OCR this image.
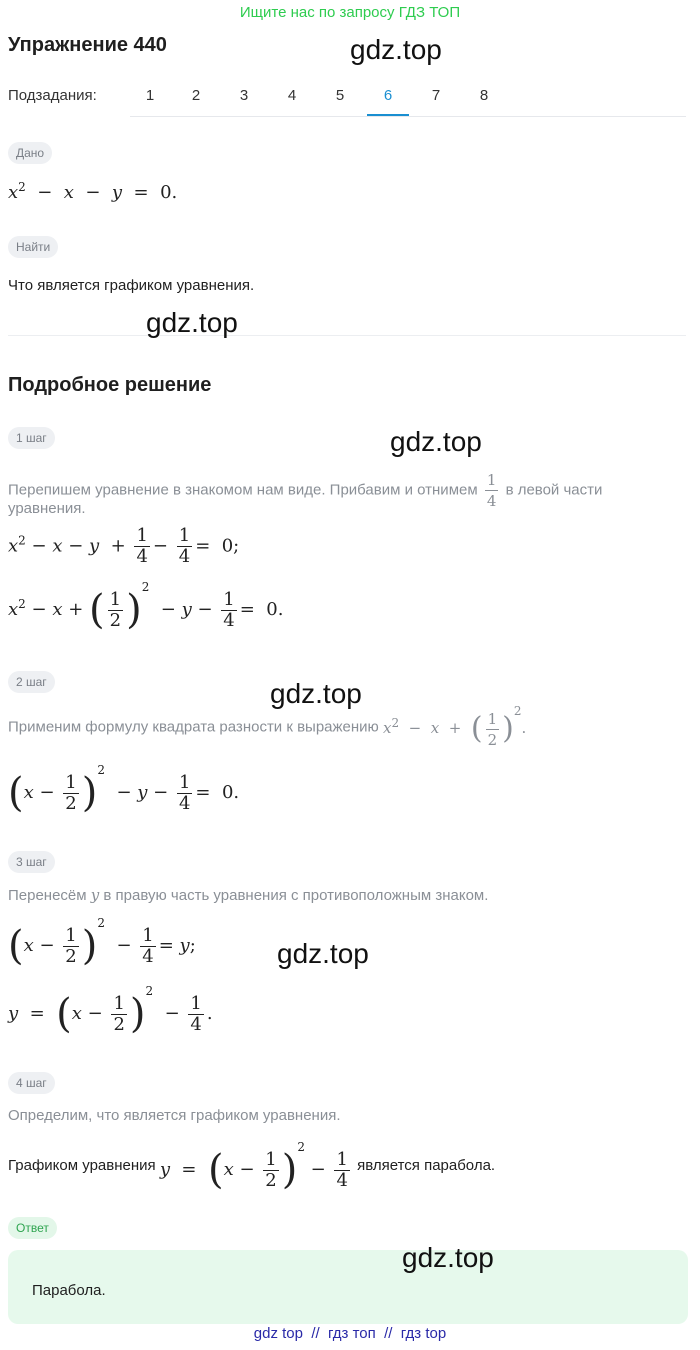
Ищите нас по запросу ГДЗ ТОП
Упражнение 440	gdz.top
Подзадания:	1	2	3	4	5	6	7	8
Дано
$x^2 - x - y = 0$.
Найти
Что является графиком уравнения.
gdz.top
Подробное решение
1 шаг	gdz.top
Перепишем уравнение в знакомом нам виде. Прибавим и отнимем $\frac{1}{4}$ в левой части
уравнения.
$x^2 - x - y + \frac{1}{4} - \frac{1}{4} = 0$;
$x^2 - x$ + ( $\frac{1}{2} )^2 - y - \frac{1}{4} = 0$.
2 шаг	gdz.top
Применим формулу квадрата разности к выражению $x^2 - x$  +  ( $\frac{1}{2} )^2$.
$(x - \frac{1}{2} )^2 - y - \frac{1}{4} = 0$.
3 шаг
Перенесём y в правую часть уравнения с противоположным знаком.
$(x - \frac{1}{2} )^2 - \frac{1}{4} = y$;	gdz.top
$y = (x - \frac{1}{2} )^2 - \frac{1}{4}$ .
4 шаг
Определим, что является графиком уравнения.
Графиком уравнения $y = (x - \frac{1}{2} )^2 - \frac{1}{4}$ является парабола.
Ответ
Парабола.
gdz.top
gdz top  //  гдз топ  //  гдз top
